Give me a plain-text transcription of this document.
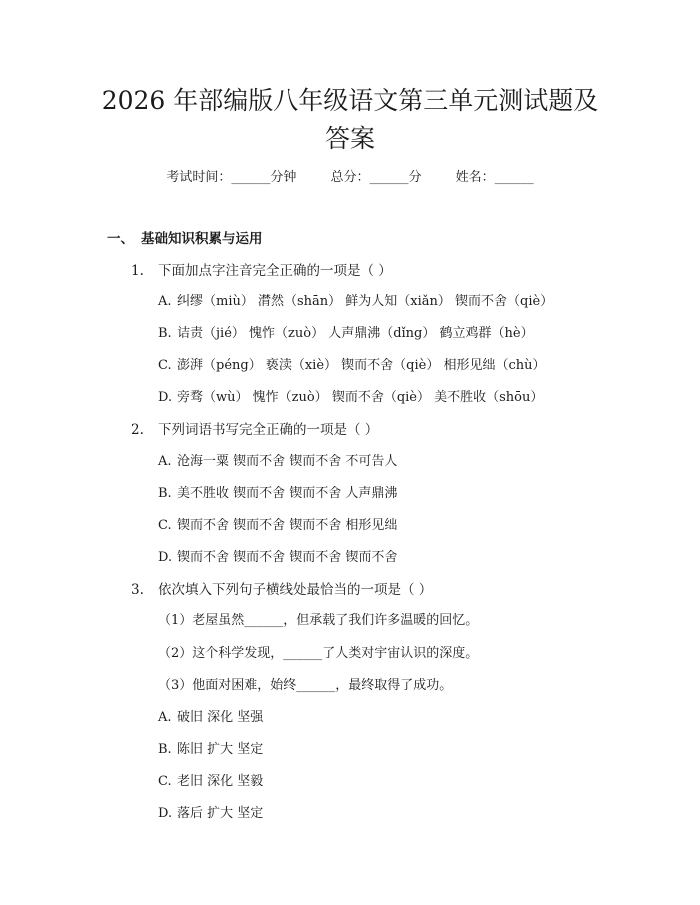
2026 年部编版八年级语文第三单元测试题及
答案
考试时间：______分钟	总分：______分	姓名：______
一、 基础知识积累与运用
1. 下面加点字注音完全正确的一项是（ ）
A. 纠缪（miù） 潸然（shān） 鲜为人知（xiǎn） 锲而不舍（qiè）
B. 诘责（jié） 愧怍（zuò） 人声鼎沸（dǐng） 鹤立鸡群（hè）
C. 澎湃（péng） 亵渎（xiè） 锲而不舍（qiè） 相形见绌（chù）
D. 旁骛（wù） 愧怍（zuò） 锲而不舍（qiè） 美不胜收（shōu）
2. 下列词语书写完全正确的一项是（ ）
A. 沧海一粟 锲而不舍 锲而不舍 不可告人
B. 美不胜收 锲而不舍 锲而不舍 人声鼎沸
C. 锲而不舍 锲而不舍 锲而不舍 相形见绌
D. 锲而不舍 锲而不舍 锲而不舍 锲而不舍
3. 依次填入下列句子横线处最恰当的一项是（ ）
（1）老屋虽然______，但承载了我们许多温暖的回忆。
（2）这个科学发现，______了人类对宇宙认识的深度。
（3）他面对困难，始终______，最终取得了成功。
A. 破旧 深化 坚强
B. 陈旧 扩大 坚定
C. 老旧 深化 坚毅
D. 落后 扩大 坚定
